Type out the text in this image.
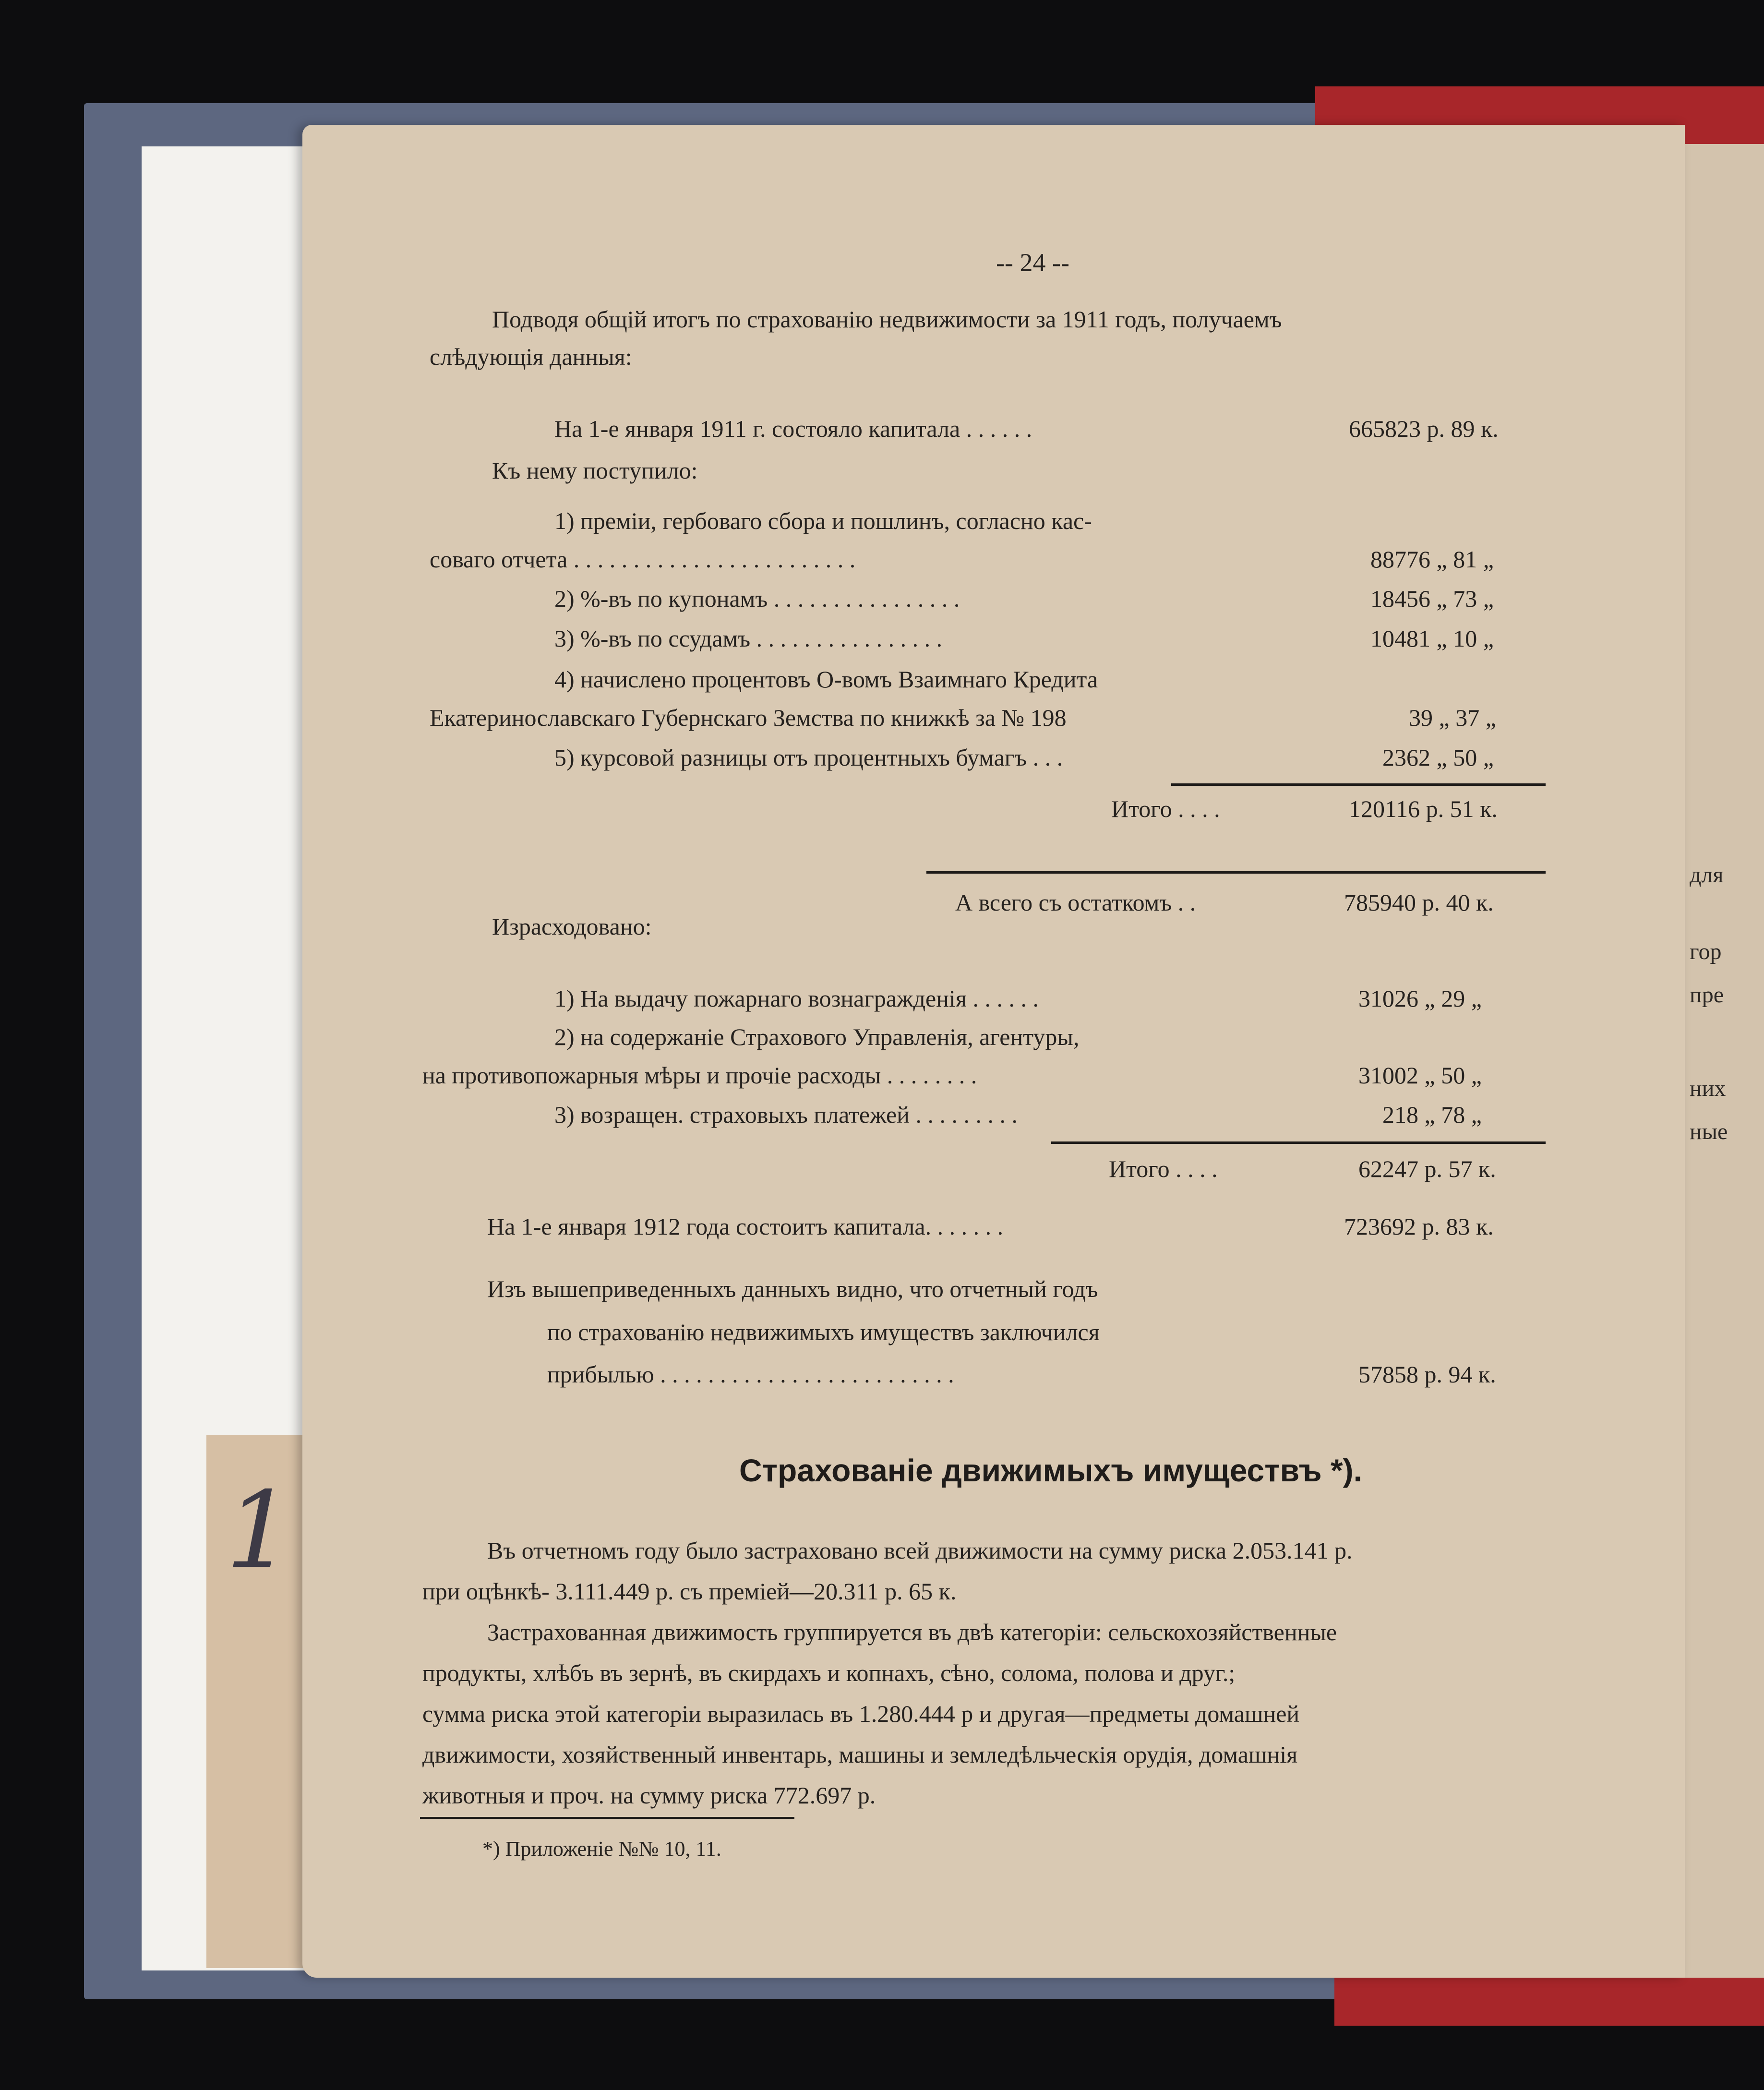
1
для
гор
пре
них
ные
-- 24 --
Подводя общій итогъ по страхованію недвижимости за 1911 годъ, получаемъ
слѣдующія данныя:
На 1-е января 1911 г. состояло капитала . . . . . .	665823 р. 89 к.
Къ нему поступило:
1) преміи, гербоваго сбора и пошлинъ, согласно кас-
соваго отчета . . . . . . . . . . . . . . . . . . . . . . . .	88776 „ 81 „
2) %-въ по купонамъ . . . . . . . . . . . . . . . .	18456 „ 73 „
3) %-въ по ссудамъ . . . . . . . . . . . . . . . .	10481 „ 10 „
4) начислено процентовъ О-вомъ Взаимнаго Кредита
Екатеринославскаго Губернскаго Земства по книжкѣ за № 198	39 „ 37 „
5) курсовой разницы отъ процентныхъ бумагъ . . .	2362 „ 50 „
Итого . . . .	120116 р. 51 к.
А всего съ остаткомъ . .	785940 р. 40 к.
Израсходовано:
1) На выдачу пожарнаго вознагражденія . . . . . .	31026 „ 29 „
2) на содержаніе Страхового Управленія, агентуры,
на противопожарныя мѣры и прочіе расходы . . . . . . . .	31002 „ 50 „
3) возращен. страховыхъ платежей . . . . . . . . .	218 „ 78 „
Итого . . . .	62247 р. 57 к.
На 1-е января 1912 года состоитъ капитала. . . . . . .	723692 р. 83 к.
Изъ вышеприведенныхъ данныхъ видно, что отчетный годъ
по страхованію недвижимыхъ имуществъ заключился
прибылью . . . . . . . . . . . . . . . . . . . . . . . . .	57858 р. 94 к.
Страхованіе движимыхъ имуществъ *).
Въ отчетномъ году было застраховано всей движимости на сумму риска 2.053.141 р.
при оцѣнкѣ- 3.111.449 р. съ преміей—20.311 р. 65 к.
Застрахованная движимость группируется въ двѣ категоріи: сельскохозяйственные
продукты, хлѣбъ въ зернѣ, въ скирдахъ и копнахъ, сѣно, солома, полова и друг.;
сумма риска этой категоріи выразилась въ 1.280.444 р и другая—предметы домашней
движимости, хозяйственный инвентарь, машины и земледѣльческія орудія, домашнія
животныя и проч. на сумму риска 772.697 р.
*) Приложеніе №№ 10, 11.
